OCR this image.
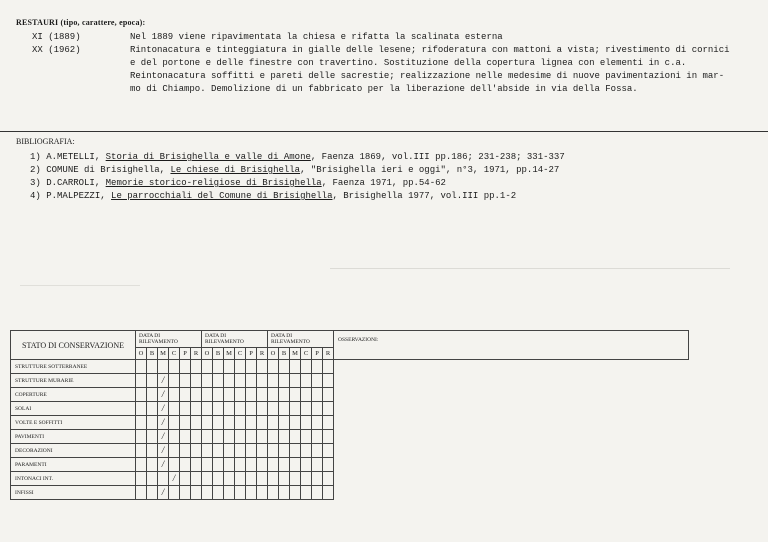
RESTAURI (tipo, carattere, epoca):
XI (1889)	Nel 1889 viene ripavimentata la chiesa e rifatta la scalinata esterna
XX (1962)	Rintonacatura e tinteggiatura in gialle delle lesene; rifoderatura con mattoni a vista; rivestimento di cornici
e del portone e delle finestre con travertino. Sostituzione della copertura lignea con elementi in c.a.
Reintonacatura soffitti e pareti delle sacrestie; realizzazione nelle medesime di nuove pavimentazioni in mar-
mo di Chiampo. Demolizione di un fabbricato per la liberazione dell'abside in via della Fossa.
BIBLIOGRAFIA:
1) A.METELLI, Storia di Brisighella e valle di Amone, Faenza 1869, vol.III pp.186; 231-238; 331-337
2) COMUNE di Brisighella, Le chiese di Brisighella, "Brisighella ieri e oggi", n°3, 1971, pp.14-27
3) D.CARROLI, Memorie storico-religiose di Brisighella, Faenza 1971, pp.54-62
4) P.MALPEZZI, Le parrocchiali del Comune di Brisighella, Brisighella 1977, vol.III pp.1-2
STATO DI CONSERVAZIONE	DATA DI
RILEVAMENTO						DATA DI
RILEVAMENTO						DATA DI
RILEVAMENTO						OSSERVAZIONI:
	O	B	M	C	P	R	O	B	M	C	P	R	O	B	M	C	P	R	
STRUTTURE SOTTERRANEE																			
STRUTTURE MURARIE			/																
COPERTURE			/																
SOLAI			/																
VOLTE E SOFFITTI			/																
PAVIMENTI			/																
DECORAZIONI			/																
PARAMENTI			/																
INTONACI INT.				/															
INFISSI			/																
